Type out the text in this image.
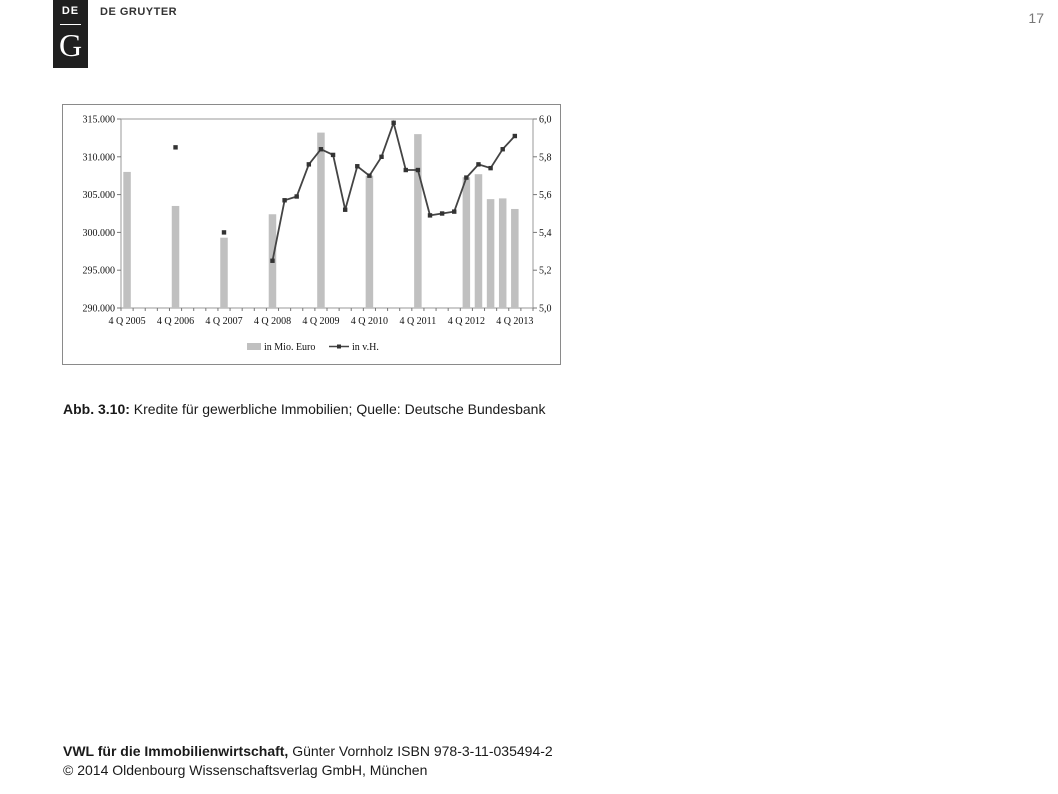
DE
G
DE GRUYTER	17
290.000
295.000
300.000
305.000
310.000
315.000
5,0
5,2
5,4
5,6
5,8
6,0
4 Q 2005 4 Q 2006 4 Q 2007 4 Q 2008 4 Q 2009 4 Q 2010 4 Q 2011 4 Q 2012 4 Q 2013
in Mio. Euro	in v.H.
Abb. 3.10: Kredite für gewerbliche Immobilien; Quelle: Deutsche Bundesbank
VWL für die Immobilienwirtschaft, Günter Vornholz ISBN 978-3-11-035494-2
© 2014 Oldenbourg Wissenschaftsverlag GmbH, München
